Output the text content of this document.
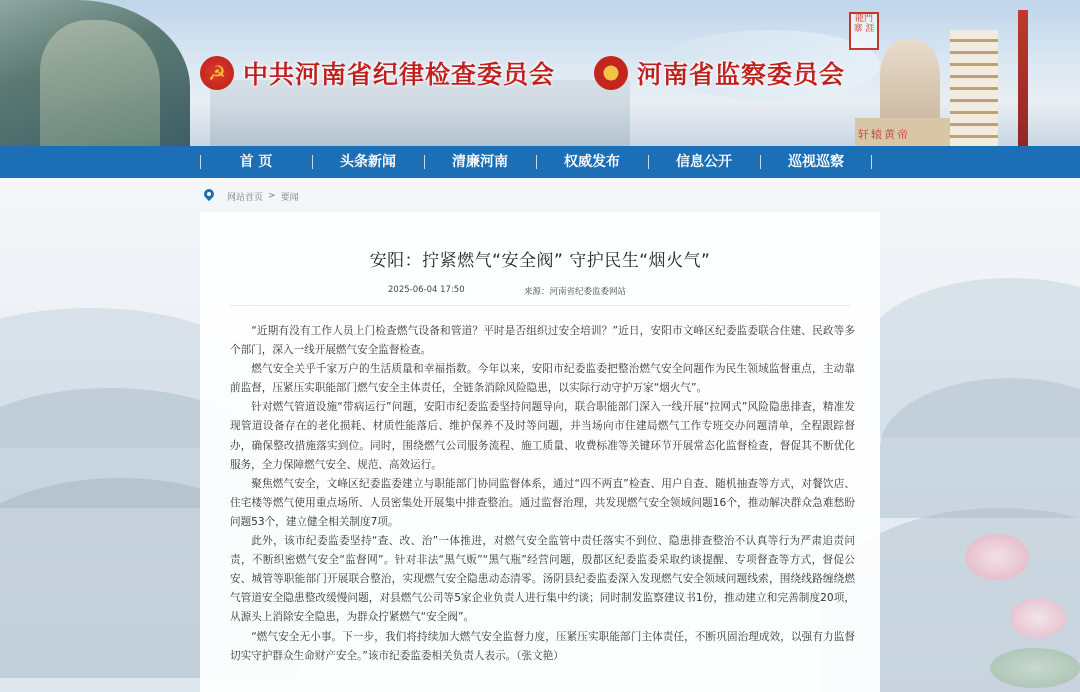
龍門 寨 涯
轩辕黄帝
☭ 中共河南省纪律检查委员会	★ 河南省监察委员会
首 页	头条新闻	清廉河南	权威发布	信息公开	巡视巡察
网站首页 > 要闻
安阳：拧紧燃气“安全阀” 守护民生“烟火气”
2025-06-04 17:50	来源：河南省纪委监委网站

“近期有没有工作人员上门检查燃气设备和管道？平时是否组织过安全培训？”近日，安阳市文峰区纪委监委联合住建、民政等多个部门，深入一线开展燃气安全监督检查。

燃气安全关乎千家万户的生活质量和幸福指数。今年以来，安阳市纪委监委把整治燃气安全问题作为民生领域监督重点，主动靠前监督，压紧压实职能部门燃气安全主体责任，全链条消除风险隐患，以实际行动守护万家“烟火气”。

针对燃气管道设施“带病运行”问题，安阳市纪委监委坚持问题导向，联合职能部门深入一线开展“拉网式”风险隐患排查，精准发现管道设备存在的老化损耗、材质性能落后、维护保养不及时等问题，并当场向市住建局燃气工作专班交办问题清单，全程跟踪督办，确保整改措施落实到位。同时，围绕燃气公司服务流程、施工质量、收费标准等关键环节开展常态化监督检查，督促其不断优化服务，全力保障燃气安全、规范、高效运行。

聚焦燃气安全，文峰区纪委监委建立与职能部门协同监督体系，通过“四不两直”检查、用户自查、随机抽查等方式，对餐饮店、住宅楼等燃气使用重点场所、人员密集处开展集中排查整治。通过监督治理，共发现燃气安全领域问题16个，推动解决群众急难愁盼问题53个，建立健全相关制度7项。

此外，该市纪委监委坚持“查、改、治”一体推进，对燃气安全监管中责任落实不到位、隐患排查整治不认真等行为严肃追责问责，不断织密燃气安全“监督网”。针对非法“黑气贩”“黑气瓶”经营问题，殷都区纪委监委采取约谈提醒、专项督查等方式，督促公安、城管等职能部门开展联合整治，实现燃气安全隐患动态清零。汤阴县纪委监委深入发现燃气安全领域问题线索，围绕线路缠绕燃气管道安全隐患整改缓慢问题，对县燃气公司等5家企业负责人进行集中约谈；同时制发监察建议书1份，推动建立和完善制度20项，从源头上消除安全隐患，为群众拧紧燃气“安全阀”。

“燃气安全无小事。下一步，我们将持续加大燃气安全监督力度，压紧压实职能部门主体责任，不断巩固治理成效，以强有力监督切实守护群众生命财产安全。”该市纪委监委相关负责人表示。（张文艳）
